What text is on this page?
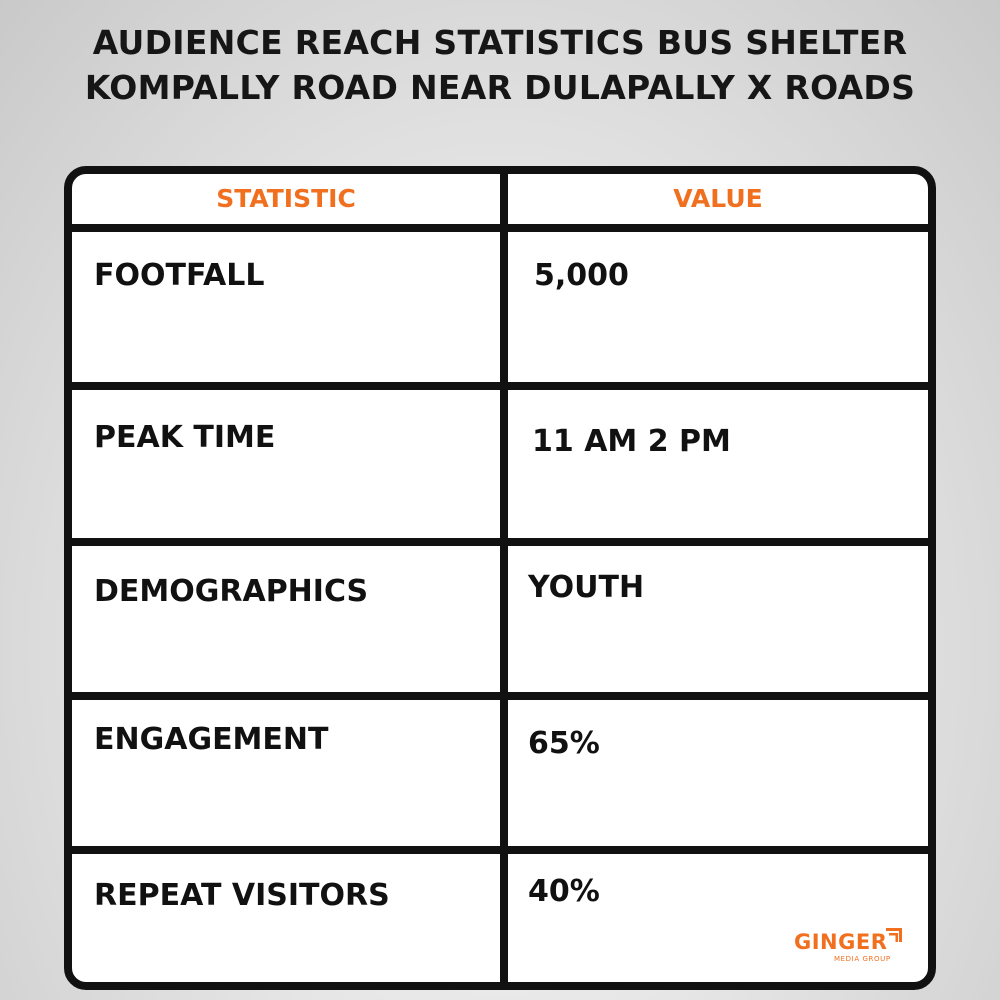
AUDIENCE REACH STATISTICS BUS SHELTER
KOMPALLY ROAD NEAR DULAPALLY X ROADS
STATISTIC	VALUE
FOOTFALL	5,000
PEAK TIME	11 AM 2 PM
DEMOGRAPHICS	YOUTH
ENGAGEMENT	65%
REPEAT VISITORS	40%
GINGER
MEDIA GROUP
